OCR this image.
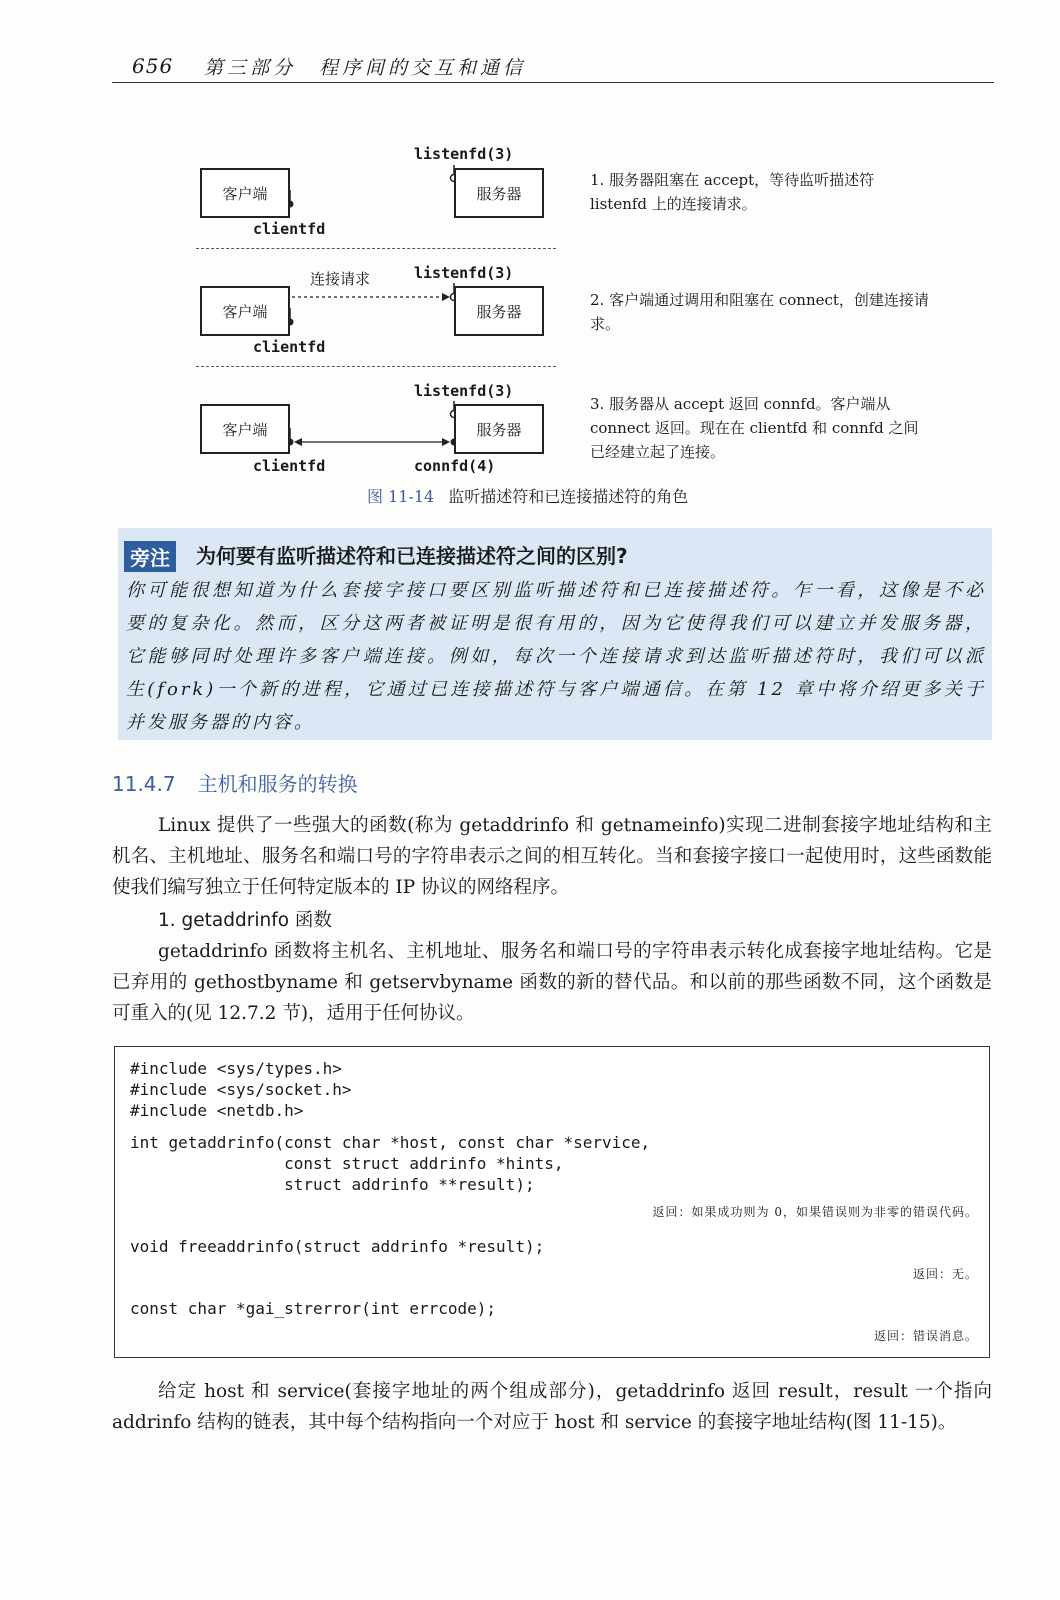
656 第三部分　程序间的交互和通信
listenfd(3)
客户端	服务器
clientfd
1. 服务器阻塞在 accept，等待监听描述符 listenfd 上的连接请求。
连接请求	listenfd(3)
客户端	服务器
clientfd
2. 客户端通过调用和阻塞在 connect，创建连接请求。
listenfd(3)
客户端	服务器
clientfd	connfd(4)
3. 服务器从 accept 返回 connfd。客户端从 connect 返回。现在在 clientfd 和 connfd 之间已经建立起了连接。
图 11-14 监听描述符和已连接描述符的角色
旁注	为何要有监听描述符和已连接描述符之间的区别?
你可能很想知道为什么套接字接口要区别监听描述符和已连接描述符。乍一看，这像是不必要的复杂化。然而，区分这两者被证明是很有用的，因为它使得我们可以建立并发服务器，它能够同时处理许多客户端连接。例如，每次一个连接请求到达监听描述符时，我们可以派生(fork)一个新的进程，它通过已连接描述符与客户端通信。在第 12 章中将介绍更多关于并发服务器的内容。
11.4.7 主机和服务的转换
Linux 提供了一些强大的函数(称为 getaddrinfo 和 getnameinfo)实现二进制套接字地址结构和主机名、主机地址、服务名和端口号的字符串表示之间的相互转化。当和套接字接口一起使用时，这些函数能使我们编写独立于任何特定版本的 IP 协议的网络程序。
1. getaddrinfo 函数
getaddrinfo 函数将主机名、主机地址、服务名和端口号的字符串表示转化成套接字地址结构。它是已弃用的 gethostbyname 和 getservbyname 函数的新的替代品。和以前的那些函数不同，这个函数是可重入的(见 12.7.2 节)，适用于任何协议。
#include <sys/types.h>
#include <sys/socket.h>
#include <netdb.h>
int getaddrinfo(const char *host, const char *service,
const struct addrinfo *hints,
struct addrinfo **result);
返回：如果成功则为 0，如果错误则为非零的错误代码。
void freeaddrinfo(struct addrinfo *result);
返回：无。
const char *gai_strerror(int errcode);
返回：错误消息。
给定 host 和 service(套接字地址的两个组成部分)，getaddrinfo 返回 result，result 一个指向 addrinfo 结构的链表，其中每个结构指向一个对应于 host 和 service 的套接字地址结构(图 11-15)。
